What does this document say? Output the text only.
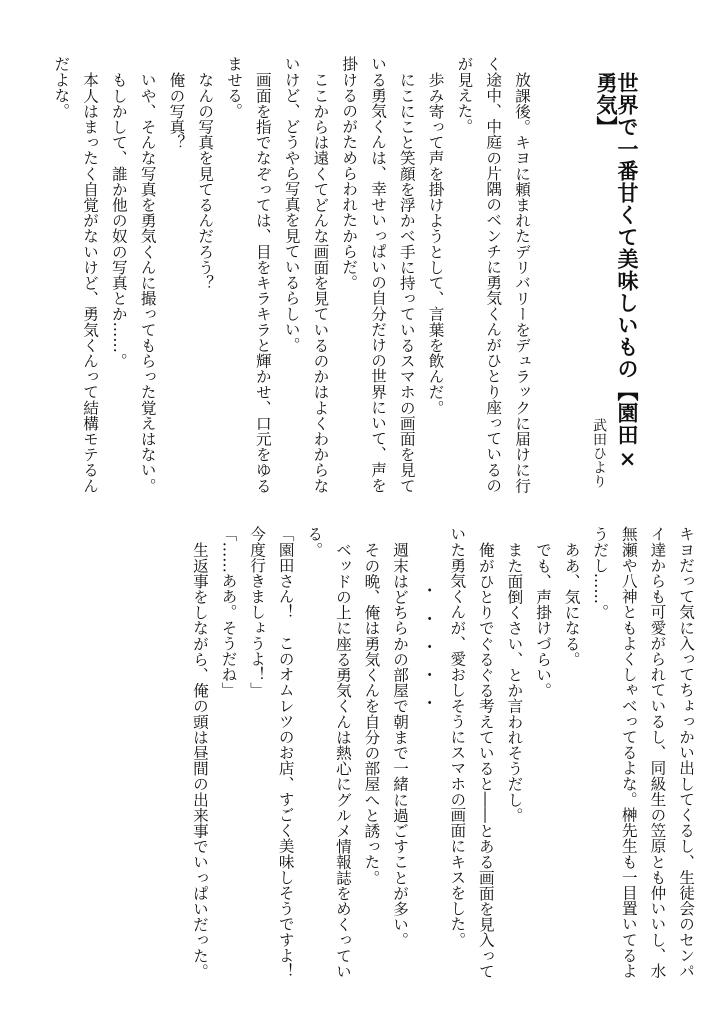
世界で一番甘くて美味しいもの【園田×勇気】
武田ひより

放課後。キヨに頼まれたデリバリーをデュラックに届けに行く途中、中庭の片隅のベンチに勇気くんがひとり座っているのが見えた。

歩み寄って声を掛けようとして、言葉を飲んだ。

にこにこと笑顔を浮かべ手に持っているスマホの画面を見ている勇気くんは、幸せいっぱいの自分だけの世界にいて、声を掛けるのがためらわれたからだ。

ここからは遠くてどんな画面を見ているのかはよくわからないけど、どうやら写真を見ているらしい。

画面を指でなぞっては、目をキラキラと輝かせ、口元をゆるませる。

なんの写真を見てるんだろう？

俺の写真？

いや、そんな写真を勇気くんに撮ってもらった覚えはない。

もしかして、誰か他の奴の写真とか……。

本人はまったく自覚がないけど、勇気くんって結構モテるんだよな。

キヨだって気に入ってちょっかい出してくるし、生徒会のセンパイ達からも可愛がられているし、同級生の笠原とも仲いいし、水無瀬や八神ともよくしゃべってるよな。榊先生も一目置いてるようだし……。

ああ、気になる。

でも、声掛けづらい。

また面倒くさい、とか言われそうだし。

俺がひとりでぐるぐる考えていると――とある画面を見入っていた勇気くんが、愛おしそうにスマホの画面にキスをした。

・・・・・

週末はどちらかの部屋で朝まで一緒に過ごすことが多い。

その晩、俺は勇気くんを自分の部屋へと誘った。

ベッドの上に座る勇気くんは熱心にグルメ情報誌をめくっている。

「園田さん！　このオムレツのお店、すごく美味しそうですよ！　今度行きましょうよ！」

「……ああ。そうだね」

生返事をしながら、俺の頭は昼間の出来事でいっぱいだった。
